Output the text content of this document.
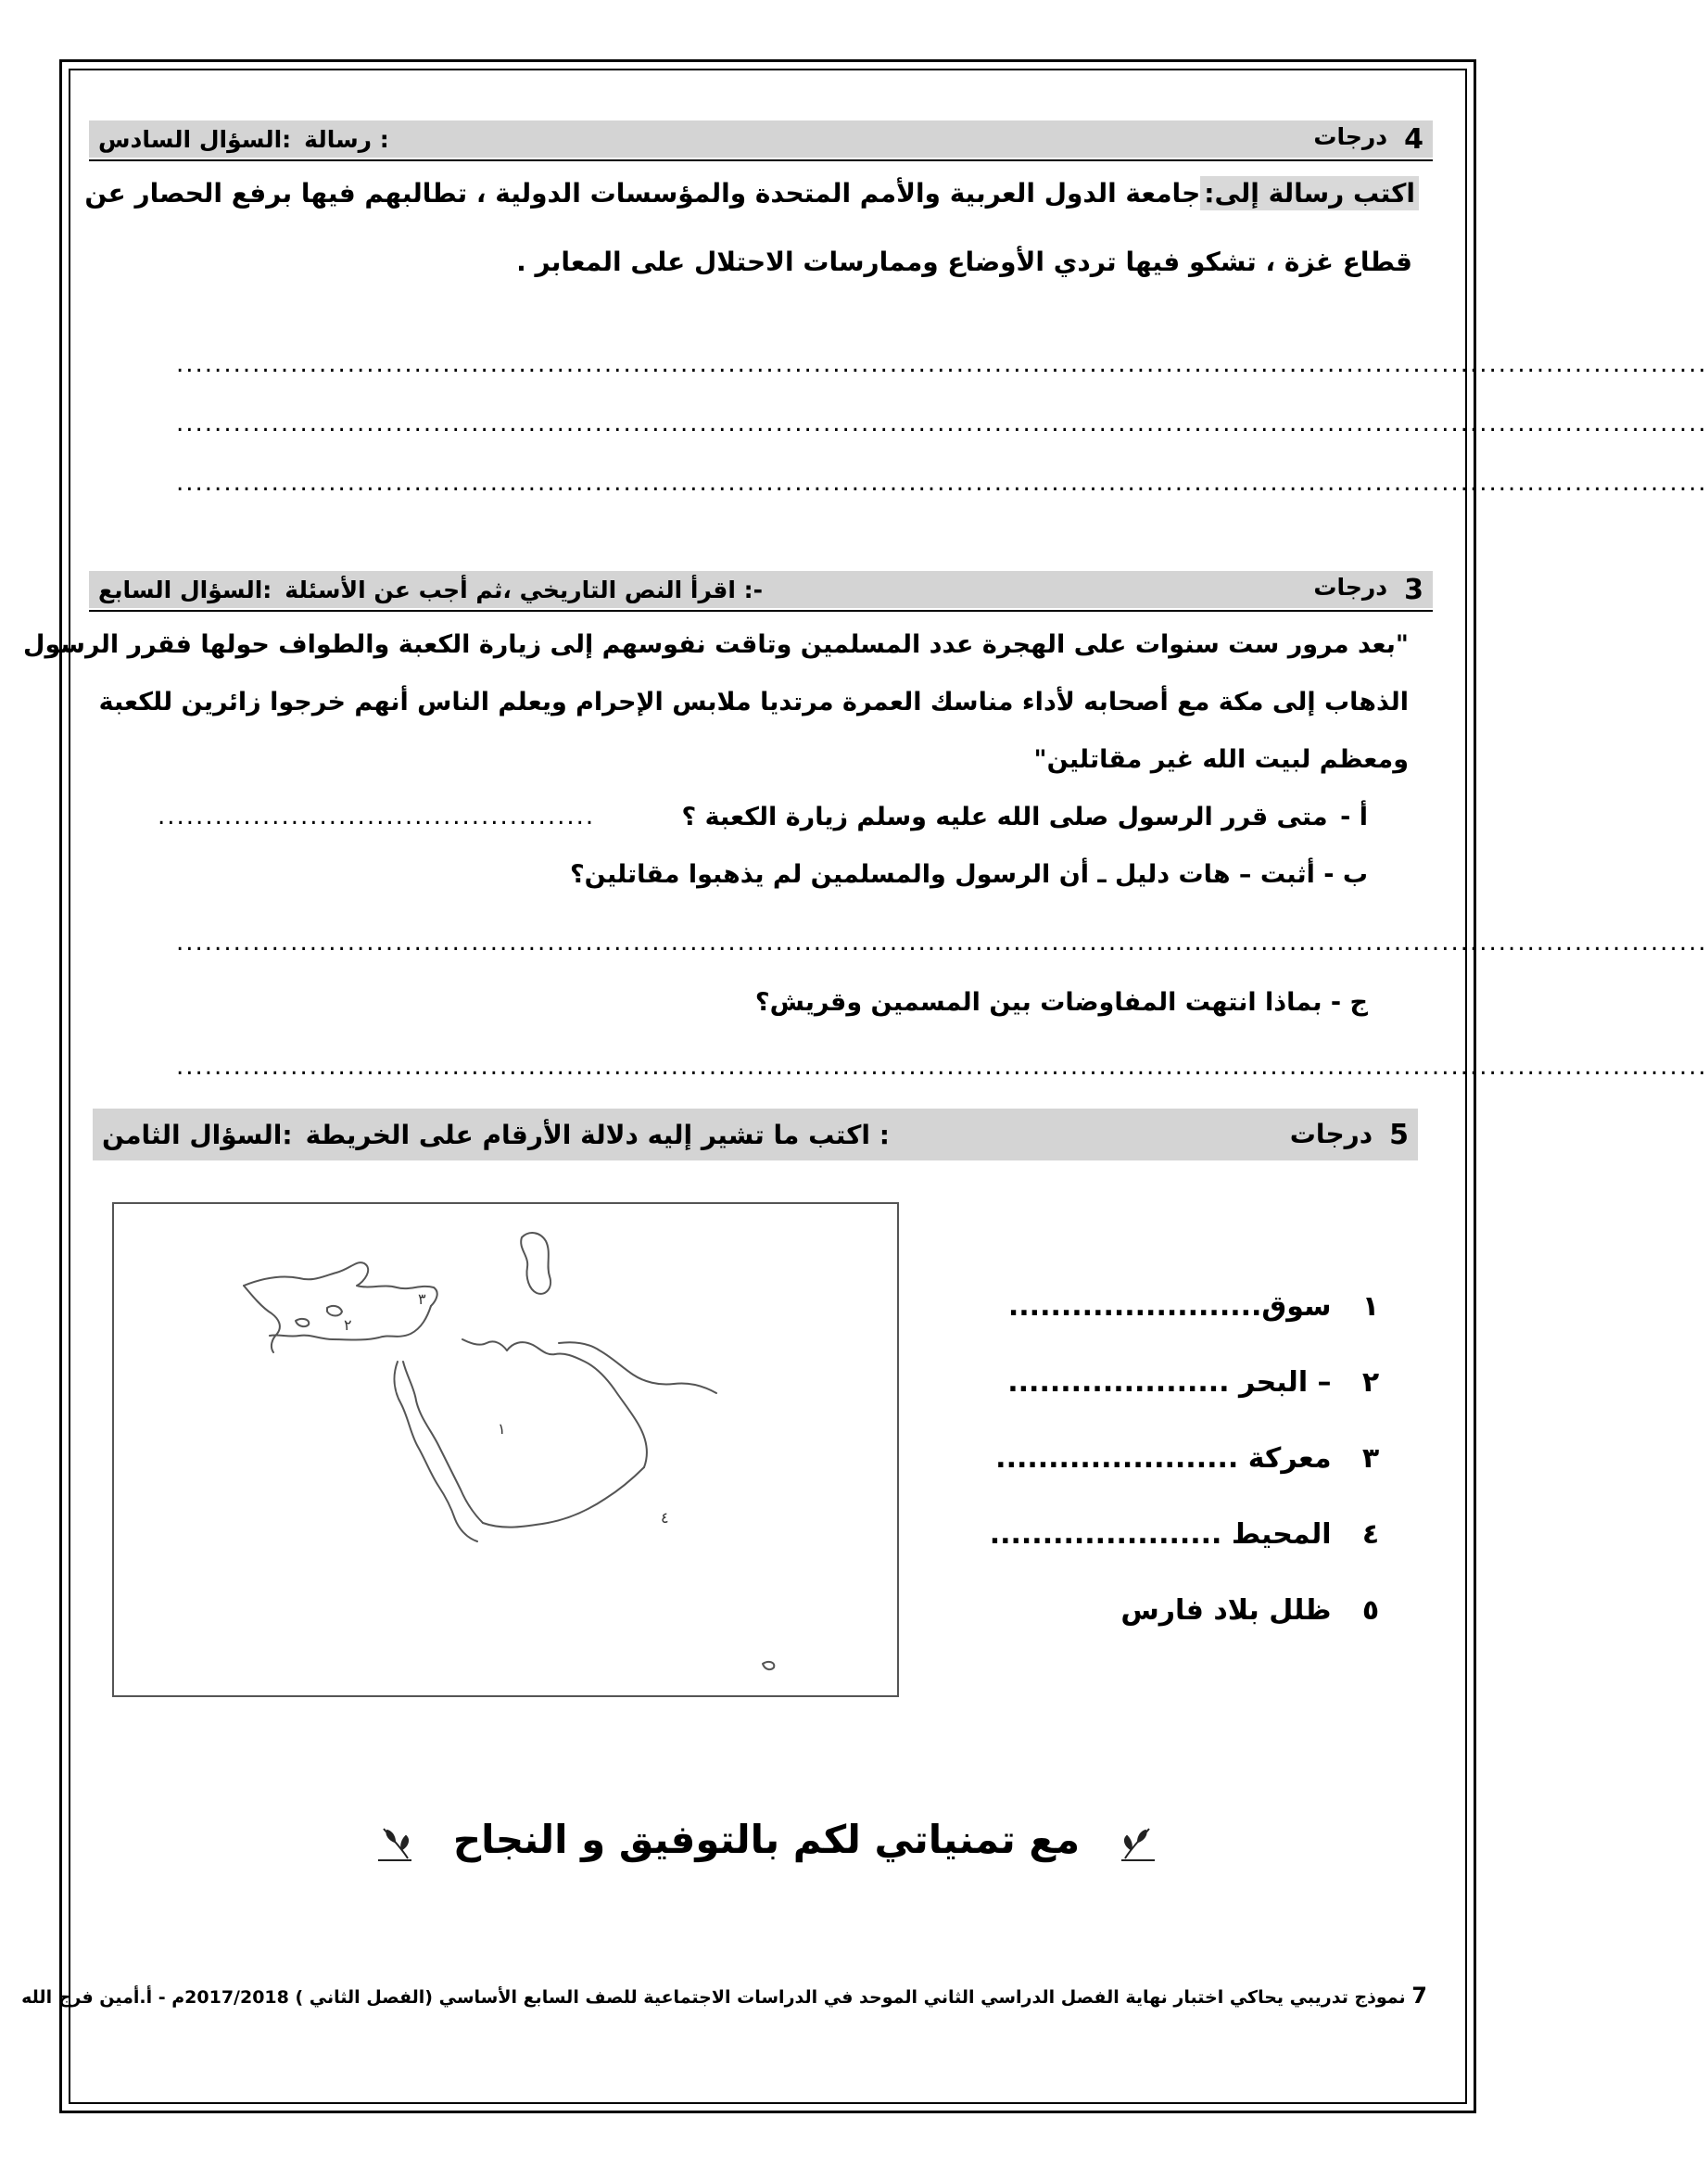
السؤال السادس: رسالة :	4
درجات
اكتب رسالة إلى:جامعة الدول العربية والأمم المتحدة والمؤسسات الدولية ، تطالبهم فيها برفع الحصار عن
قطاع غزة ، تشكو فيها تردي الأوضاع وممارسات الاحتلال على المعابر .
.................................................................................................................................................................
.................................................................................................................................................................
.................................................................................................................................................................
السؤال السابع: اقرأ النص التاريخي ،ثم أجب عن الأسئلة :-	3
درجات
"بعد مرور ست سنوات على الهجرة عدد المسلمين وتاقت نفوسهم إلى زيارة الكعبة والطواف حولها فقرر الرسول
الذهاب إلى مكة مع أصحابه لأداء مناسك العمرة مرتديا ملابس الإحرام ويعلم الناس أنهم خرجوا زائرين للكعبة
ومعظم لبيت الله غير مقاتلين"
أ - متى قرر الرسول صلى الله عليه وسلم زيارة الكعبة ؟
..............................................
ب - أثبت – هات دليل ـ أن الرسول والمسلمين لم يذهبوا مقاتلين؟
.................................................................................................................................................................
ج - بماذا انتهت المفاوضات بين المسمين وقريش؟
.................................................................................................................................................................
السؤال الثامن: اكتب ما تشير إليه دلالة الأرقام على الخريطة :	5
درجات
١
٢
٣
٤
١ سوق........................
٢ – البحر .....................
٣ معركة .......................
٤ المحيط ......................
٥ ظلل بلاد فارس
مع تمنياتي لكم بالتوفيق و النجاح
7 نموذج تدريبي يحاكي اختبار نهاية الفصل الدراسي الثاني الموحد في الدراسات الاجتماعية للصف السابع الأساسي (الفصل الثاني ) 2017/2018م - أ.أمين فرج الله
